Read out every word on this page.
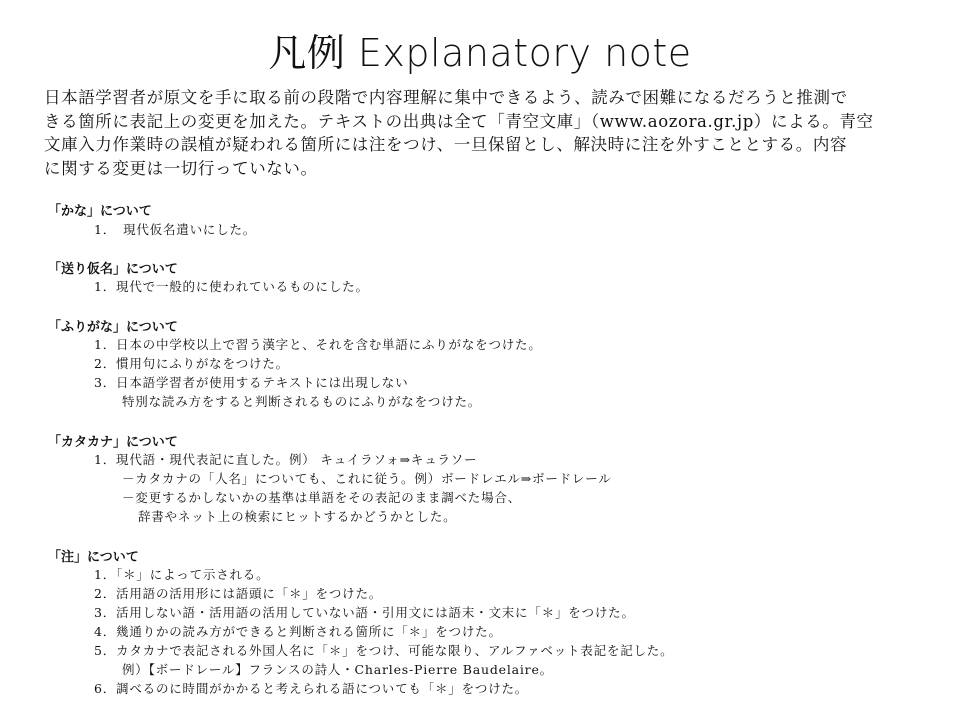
凡例 Explanatory note
日本語学習者が原文を手に取る前の段階で内容理解に集中できるよう、読みで困難になるだろうと推測で
きる箇所に表記上の変更を加えた。テキストの出典は全て「青空文庫」（www.aozora.gr.jp）による。青空
文庫入力作業時の誤植が疑われる箇所には注をつけ、一旦保留とし、解決時に注を外すこととする。内容
に関する変更は一切行っていない。
「かな」について
1．　現代仮名遣いにした。
「送り仮名」について
1．現代で一般的に使われているものにした。
「ふりがな」について
1．日本の中学校以上で習う漢字と、それを含む単語にふりがなをつけた。
2．慣用句にふりがなをつけた。
3．日本語学習者が使用するテキストには出現しない
特別な読み方をすると判断されるものにふりがなをつけた。
「カタカナ」について
1．現代語・現代表記に直した。例） キュイラソォ⇒キュラソー
－カタカナの「人名」についても、これに従う。例）ボードレエル⇒ボードレール
－変更するかしないかの基準は単語をその表記のまま調べた場合、
辞書やネット上の検索にヒットするかどうかとした。
「注」について
1．「＊」によって示される。
2．活用語の活用形には語頭に「＊」をつけた。
3．活用しない語・活用語の活用していない語・引用文には語末・文末に「＊」をつけた。
4．幾通りかの読み方ができると判断される箇所に「＊」をつけた。
5．カタカナで表記される外国人名に「＊」をつけ、可能な限り、アルファベット表記を記した。
例）【ボードレール】フランスの詩人・Charles-Pierre Baudelaire。
6．調べるのに時間がかかると考えられる語についても「＊」をつけた。
